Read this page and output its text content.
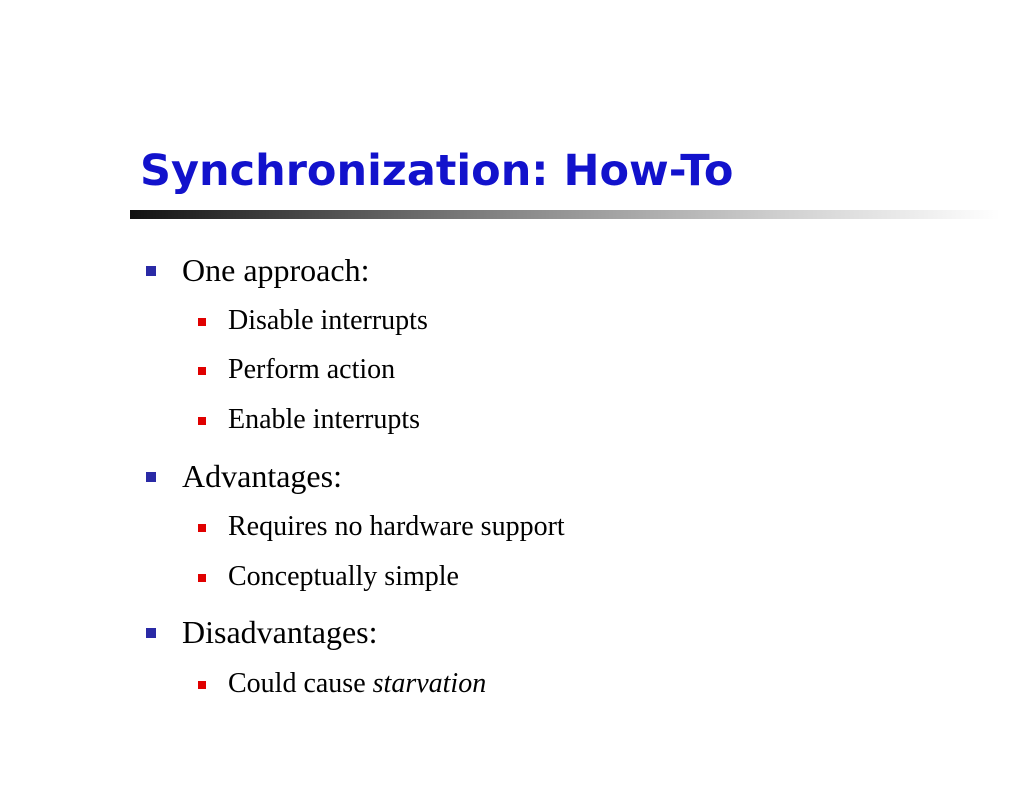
Synchronization: How-To
One approach:
Disable interrupts
Perform action
Enable interrupts
Advantages:
Requires no hardware support
Conceptually simple
Disadvantages:
Could cause starvation
